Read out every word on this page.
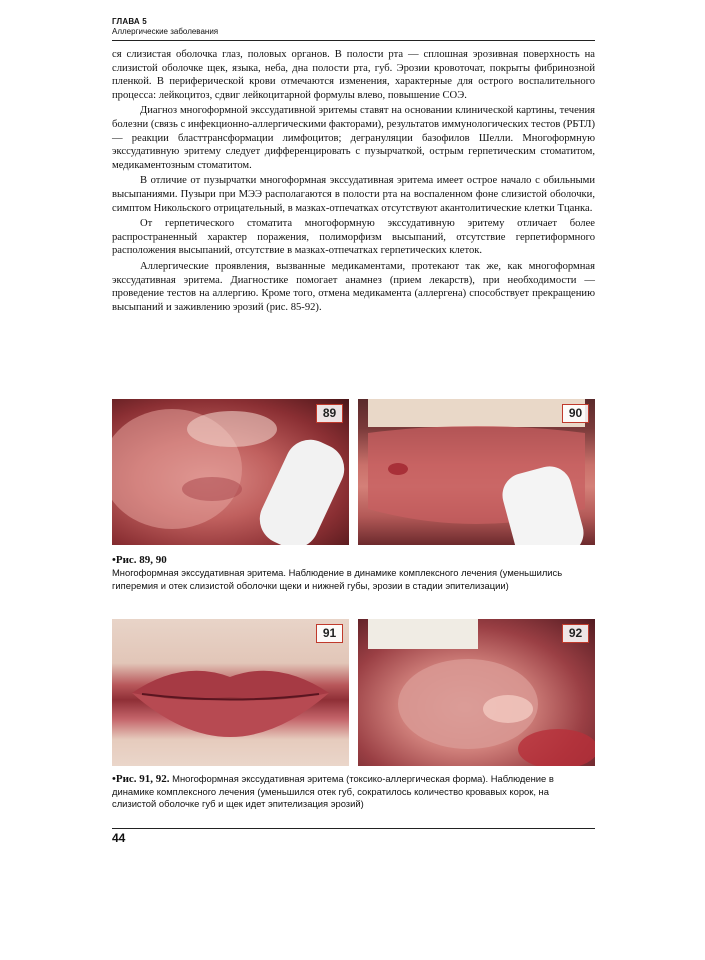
ГЛАВА 5
Аллергические заболевания

ся слизистая оболочка глаз, половых органов. В полости рта — сплошная эрозивная поверхность на слизистой оболочке щек, языка, неба, дна полости рта, губ. Эрозии кровоточат, покрыты фибринозной пленкой. В периферической крови отмечаются изменения, характерные для острого воспалительного процесса: лейкоцитоз, сдвиг лейкоцитарной формулы влево, повышение СОЭ.

Диагноз многоформной экссудативной эритемы ставят на основании клинической картины, течения болезни (связь с инфекционно-аллергическими факторами), результатов иммунологических тестов (РБТЛ) — реакции бласттрансформации лимфоцитов; дегрануляции базофилов Шелли. Многоформную экссудативную эритему следует дифференцировать с пузырчаткой, острым герпетическим стоматитом, медикаментозным стоматитом.

В отличие от пузырчатки многоформная экссудативная эритема имеет острое начало с обильными высыпаниями. Пузыри при МЭЭ располагаются в полости рта на воспаленном фоне слизистой оболочки, симптом Никольского отрицательный, в мазках-отпечатках отсутствуют акантолитические клетки Тцанка.

От герпетического стоматита многоформную экссудативную эритему отличает более распространенный характер поражения, полиморфизм высыпаний, отсутствие герпетиформного расположения высыпаний, отсутствие в мазках-отпечатках герпетических клеток.

Аллергические проявления, вызванные медикаментами, протекают так же, как многоформная экссудативная эритема. Диагностике помогает анамнез (прием лекарств), при необходимости — проведение тестов на аллергию. Кроме того, отмена медикамента (аллергена) способствует прекращению высыпаний и заживлению эрозий (рис. 85-92).

89	90
•Рис. 89, 90
Многоформная экссудативная эритема. Наблюдение в динамике комплексного лечения (уменьшились гиперемия и отек слизистой оболочки щеки и нижней губы, эрозии в стадии эпителизации)
91	92
•Рис. 91, 92. Многоформная экссудативная эритема (токсико-аллергическая форма). Наблюдение в динамике комплексного лечения (уменьшился отек губ, сократилось количество кровавых корок, на слизистой оболочке губ и щек идет эпителизация эрозий)
44
